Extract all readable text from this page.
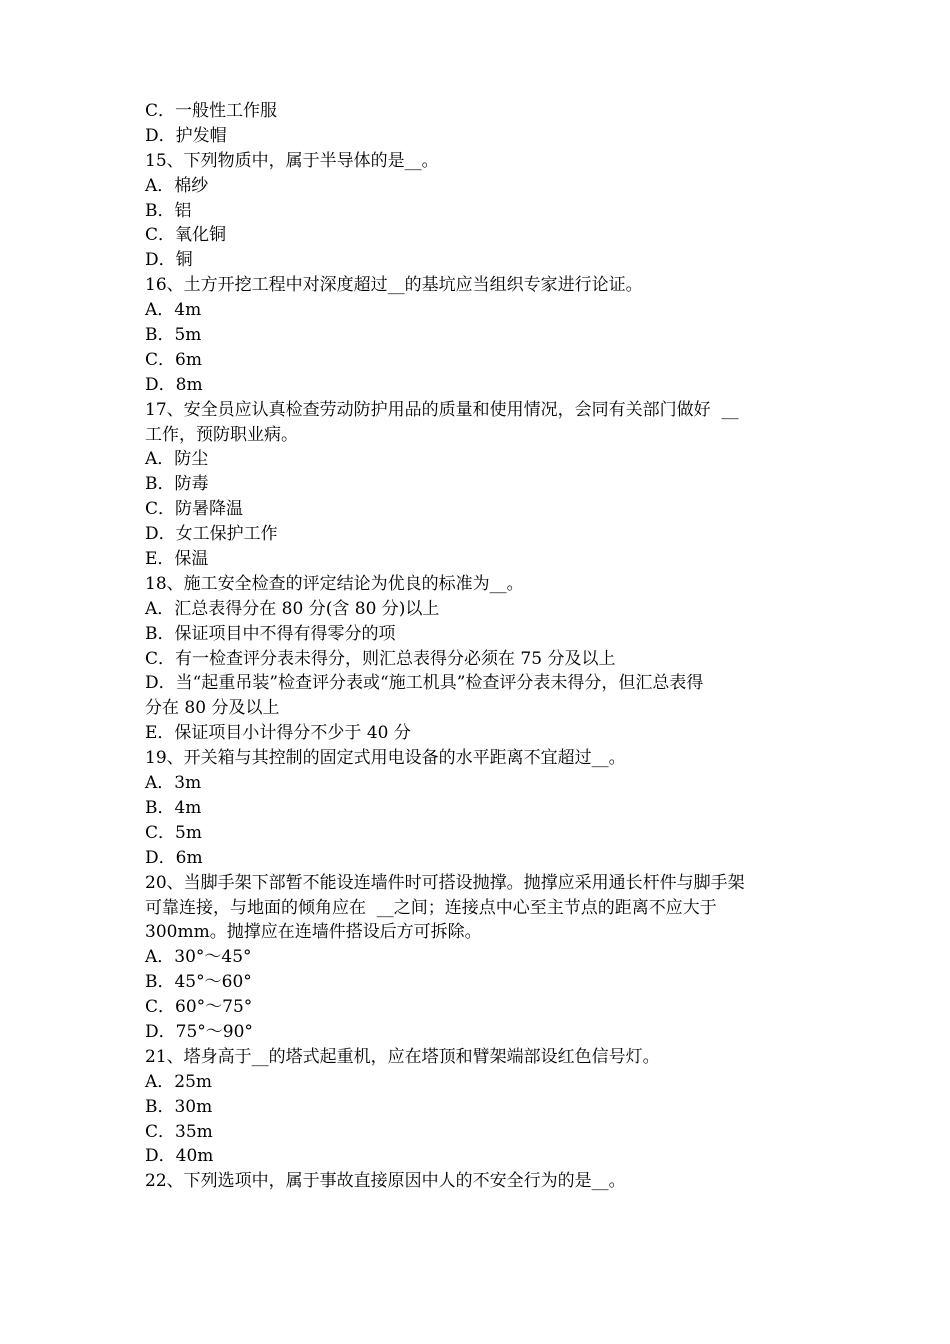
C．一般性工作服
D．护发帽
15、下列物质中，属于半导体的是__。
A．棉纱
B．铝
C．氧化铜
D．铜
16、土方开挖工程中对深度超过__的基坑应当组织专家进行论证。
A．4m
B．5m
C．6m
D．8m
17、安全员应认真检查劳动防护用品的质量和使用情况，会同有关部门做好  __
工作，预防职业病。
A．防尘
B．防毒
C．防暑降温
D．女工保护工作
E．保温
18、施工安全检查的评定结论为优良的标准为__。
A．汇总表得分在 80 分(含 80 分)以上
B．保证项目中不得有得零分的项
C．有一检查评分表未得分，则汇总表得分必须在 75 分及以上
D．当“起重吊装”检查评分表或“施工机具”检查评分表未得分，但汇总表得
分在 80 分及以上
E．保证项目小计得分不少于 40 分
19、开关箱与其控制的固定式用电设备的水平距离不宜超过__。
A．3m
B．4m
C．5m
D．6m
20、当脚手架下部暂不能设连墙件时可搭设抛撑。抛撑应采用通长杆件与脚手架
可靠连接，与地面的倾角应在  __之间；连接点中心至主节点的距离不应大于
300mm。抛撑应在连墙件搭设后方可拆除。
A．30°～45°
B．45°～60°
C．60°～75°
D．75°～90°
21、塔身高于__的塔式起重机，应在塔顶和臂架端部设红色信号灯。
A．25m
B．30m
C．35m
D．40m
22、下列选项中，属于事故直接原因中人的不安全行为的是__。
